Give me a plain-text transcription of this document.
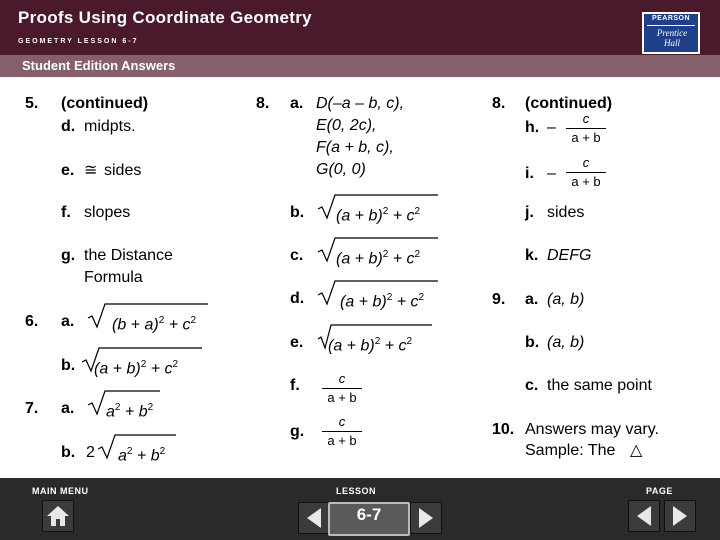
Proofs Using Coordinate Geometry
GEOMETRY LESSON 6-7
Student Edition Answers
PEARSON
Prentice Hall
5. (continued)
d. midpts.
e. ≅ sides
f. slopes
g. the Distance
Formula
6. a. $(b + a)^2 + c^2$
b. $(a + b)^2 + c^2$
7. a. $a^2 + b^2$
b. 2 $a^2 + b^2$
8. a. D(–a – b, c),
E(0, 2c),
F(a + b, c),
G(0, 0)
b. $(a + b)^2 + c^2$
c. $(a + b)^2 + c^2$
d. $(a + b)^2 + c^2$
e. $(a + b)^2 + c^2$
f.	c
a + b
g.
c
a + b
8. (continued)
h. –
c
a + b
i. –
c
a + b
j. sides
k. DEFG
9. a. (a, b)
b. (a, b)
c. the same point
10. Answers may vary.
Sample: The △
MAIN MENU	LESSON
6-7
PAGE
